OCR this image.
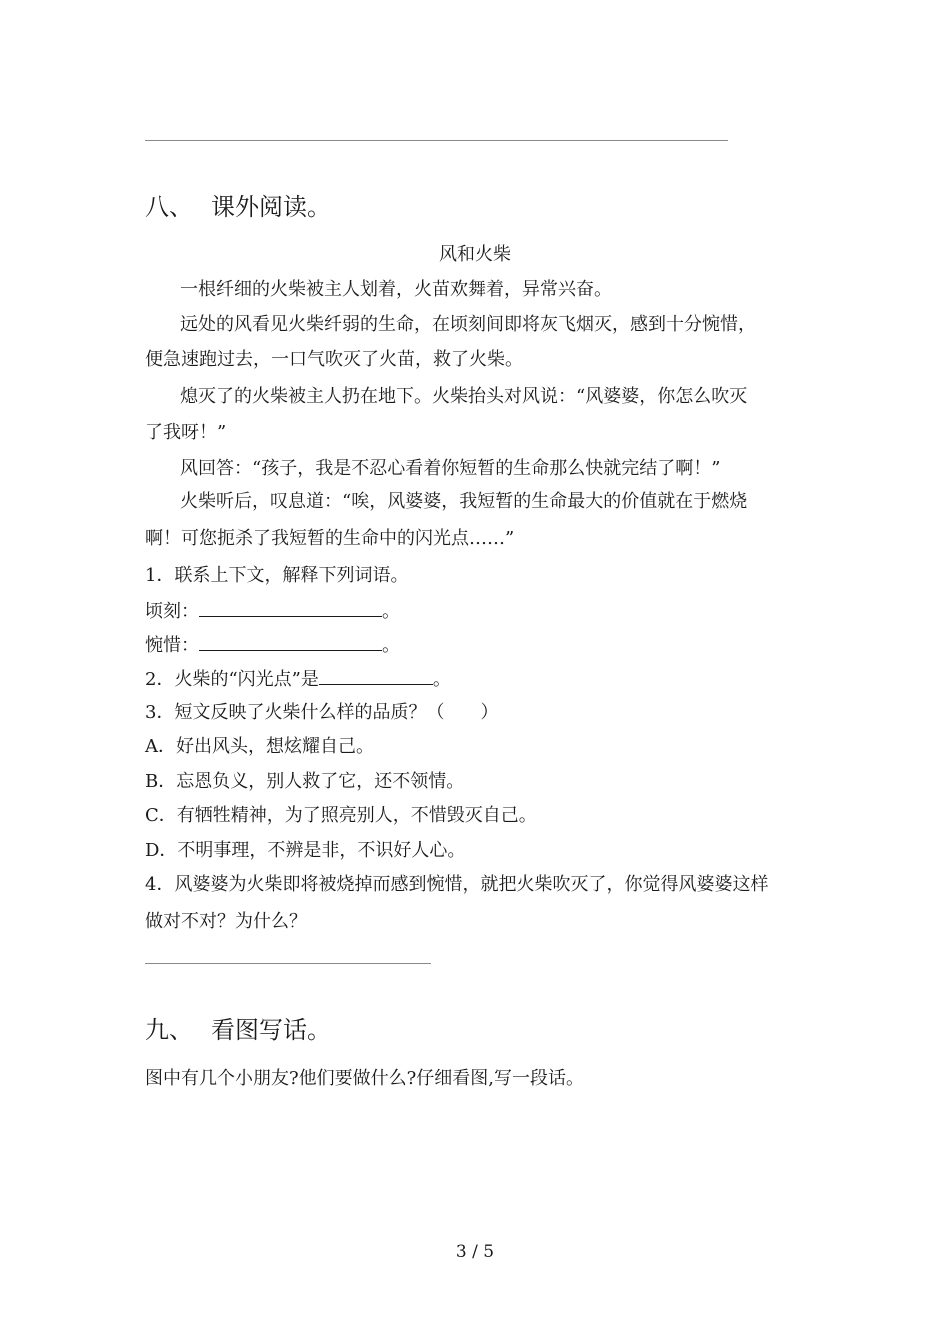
八、 课外阅读。
风和火柴
一根纤细的火柴被主人划着，火苗欢舞着，异常兴奋。
远处的风看见火柴纤弱的生命，在顷刻间即将灰飞烟灭，感到十分惋惜，
便急速跑过去，一口气吹灭了火苗，救了火柴。
熄灭了的火柴被主人扔在地下。火柴抬头对风说：“风婆婆，你怎么吹灭
了我呀！”
风回答：“孩子，我是不忍心看着你短暂的生命那么快就完结了啊！”
火柴听后，叹息道：“唉，风婆婆，我短暂的生命最大的价值就在于燃烧
啊！可您扼杀了我短暂的生命中的闪光点……”
1．联系上下文，解释下列词语。
顷刻：	。
惋惜：	。
2．火柴的“闪光点”是	。
3．短文反映了火柴什么样的品质？（　　）
A．好出风头，想炫耀自己。
B．忘恩负义，别人救了它，还不领情。
C．有牺牲精神，为了照亮别人，不惜毁灭自己。
D．不明事理，不辨是非，不识好人心。
4．风婆婆为火柴即将被烧掉而感到惋惜，就把火柴吹灭了，你觉得风婆婆这样
做对不对？为什么？
九、 看图写话。
图中有几个小朋友?他们要做什么?仔细看图,写一段话。
3 / 5
